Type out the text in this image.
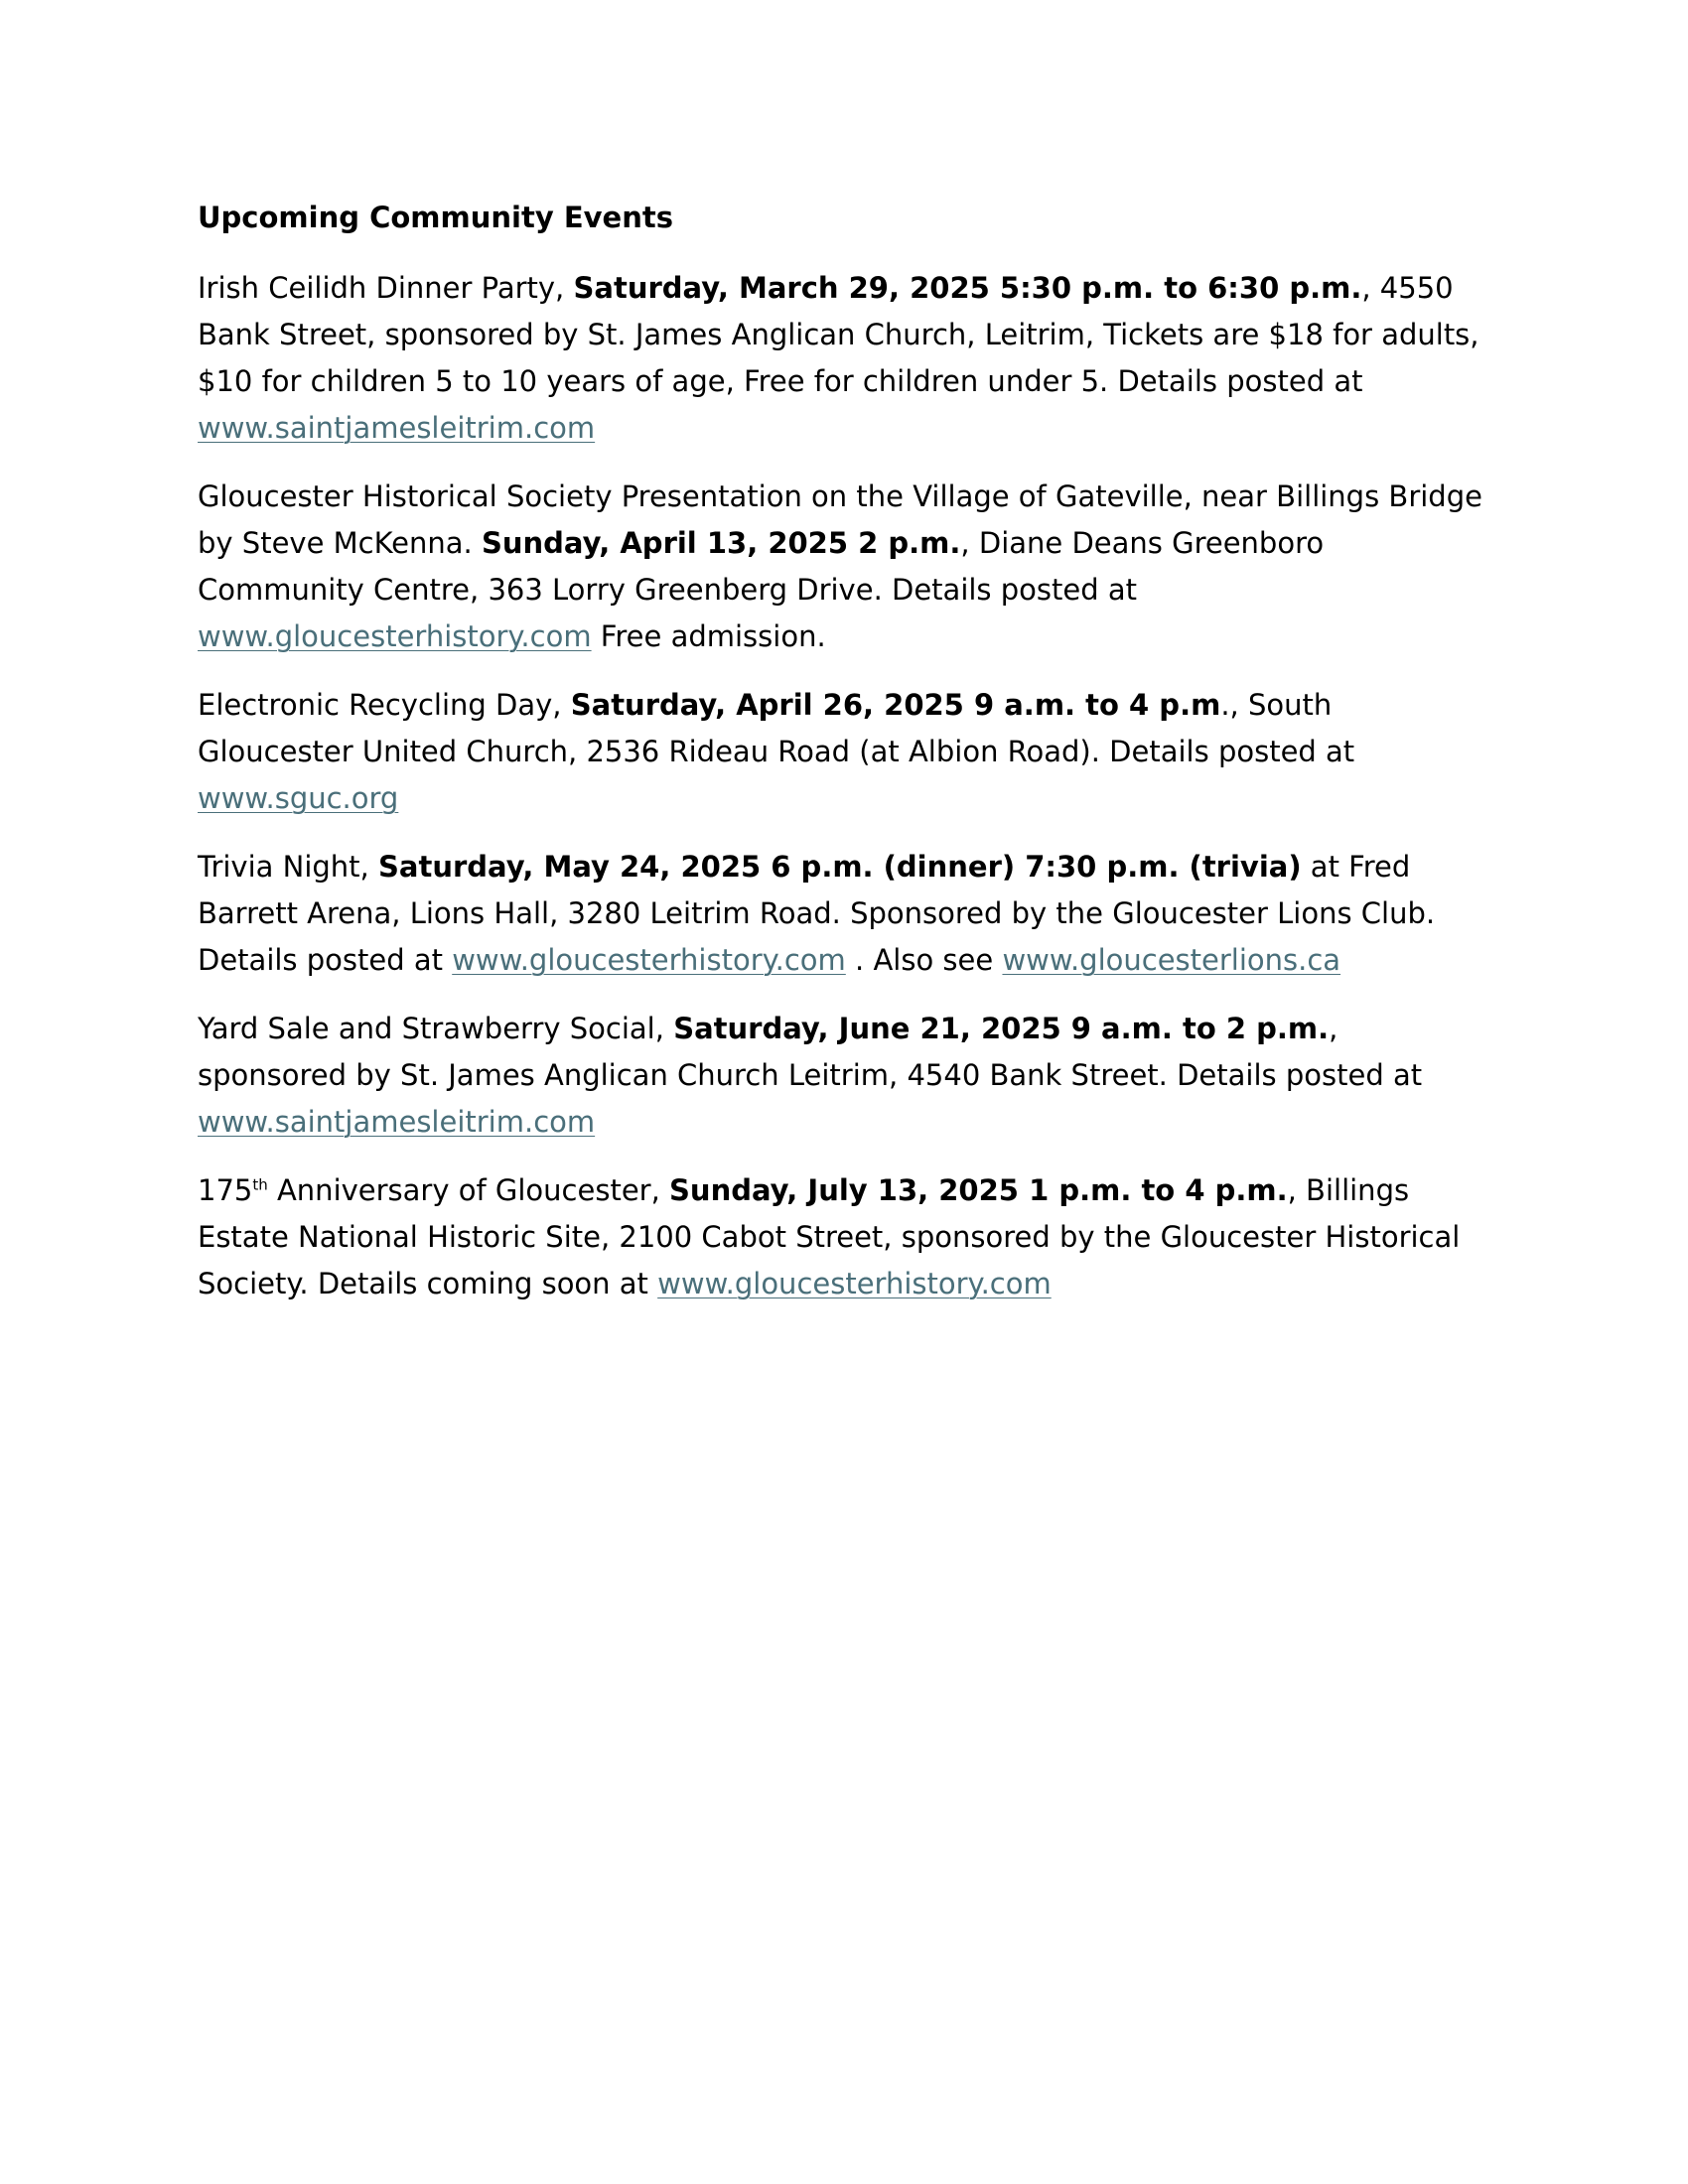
Upcoming Community Events

Irish Ceilidh Dinner Party, Saturday, March 29, 2025 5:30 p.m. to 6:30 p.m., 4550 Bank Street, sponsored by St. James Anglican Church, Leitrim, Tickets are $18 for adults, $10 for children 5 to 10 years of age, Free for children under 5. Details posted at www.saintjamesleitrim.com

Gloucester Historical Society Presentation on the Village of Gateville, near Billings Bridge by Steve McKenna. Sunday, April 13, 2025 2 p.m., Diane Deans Greenboro Community Centre, 363 Lorry Greenberg Drive. Details posted at www.gloucesterhistory.com Free admission.

Electronic Recycling Day, Saturday, April 26, 2025 9 a.m. to 4 p.m., South Gloucester United Church, 2536 Rideau Road (at Albion Road). Details posted at www.sguc.org

Trivia Night, Saturday, May 24, 2025 6 p.m. (dinner) 7:30 p.m. (trivia) at Fred Barrett Arena, Lions Hall, 3280 Leitrim Road. Sponsored by the Gloucester Lions Club. Details posted at www.gloucesterhistory.com . Also see www.gloucesterlions.ca

Yard Sale and Strawberry Social, Saturday, June 21, 2025 9 a.m. to 2 p.m., sponsored by St. James Anglican Church Leitrim, 4540 Bank Street. Details posted at www.saintjamesleitrim.com

175th Anniversary of Gloucester, Sunday, July 13, 2025 1 p.m. to 4 p.m., Billings Estate National Historic Site, 2100 Cabot Street, sponsored by the Gloucester Historical Society. Details coming soon at www.gloucesterhistory.com
